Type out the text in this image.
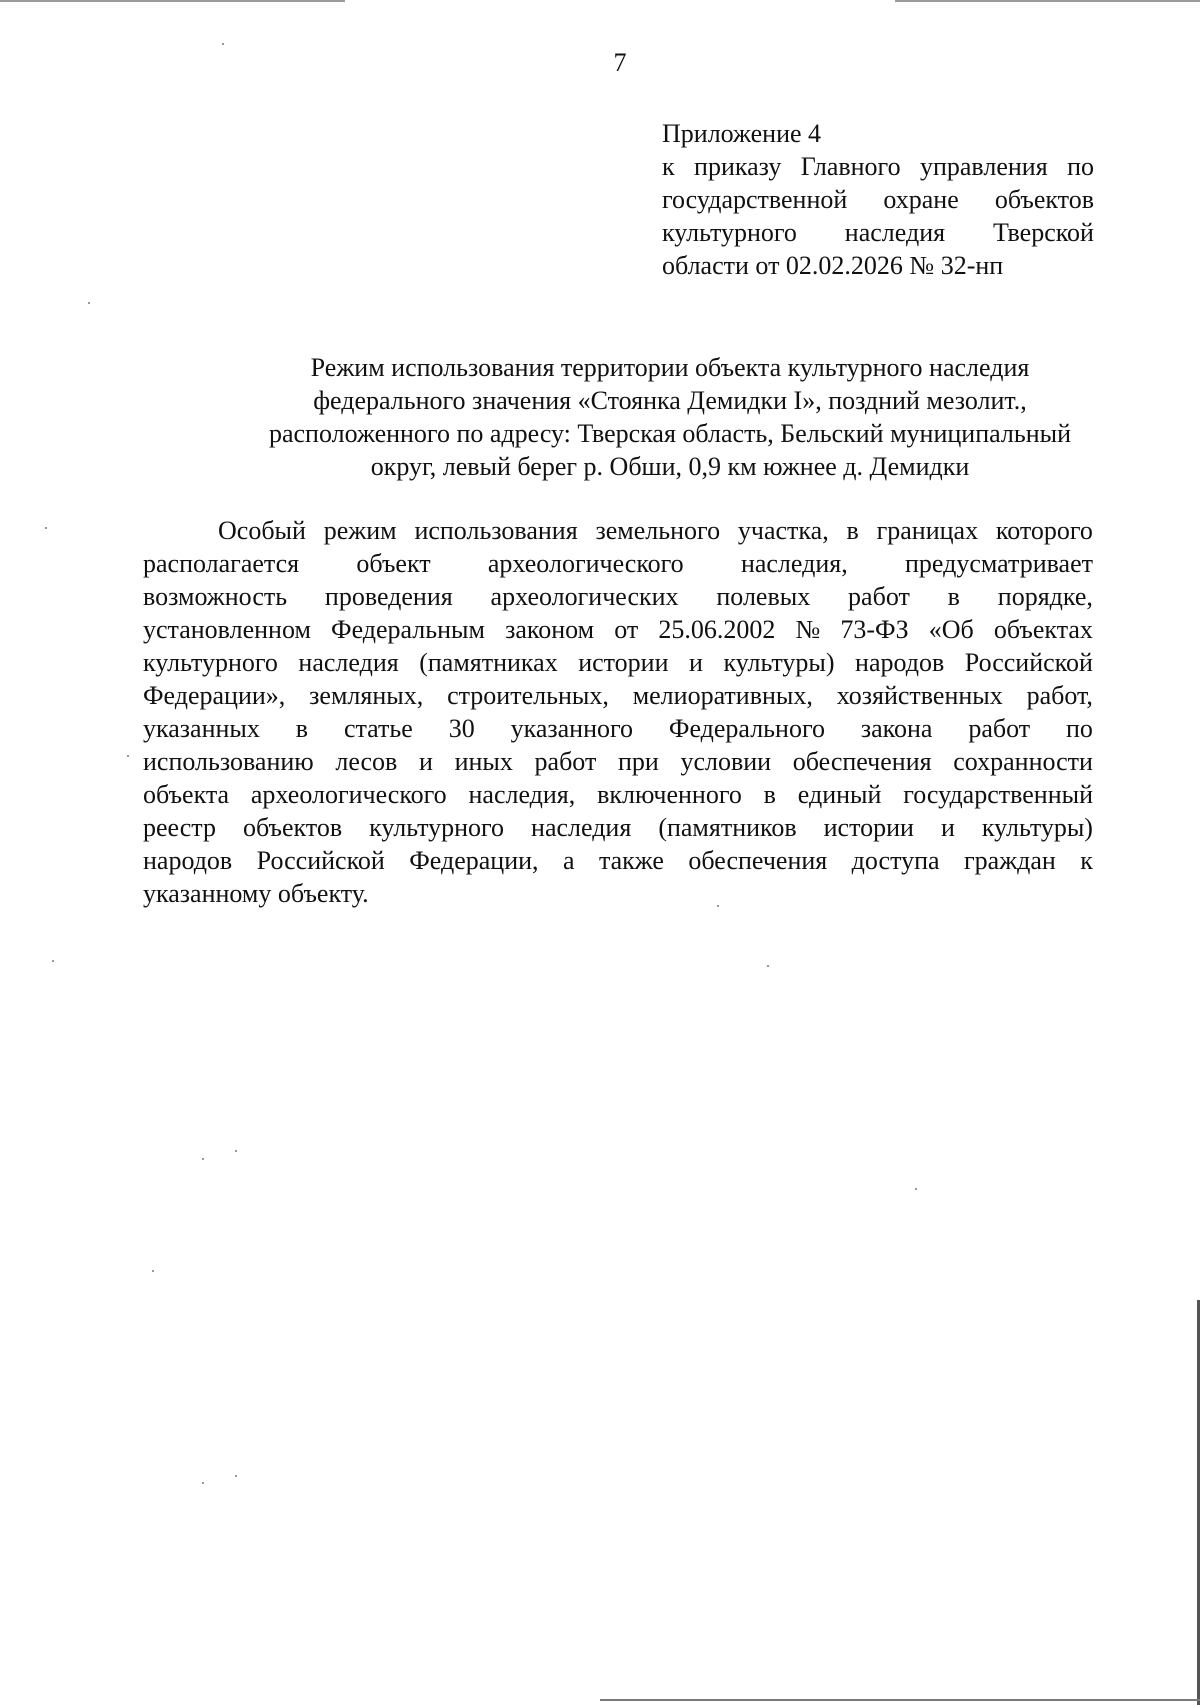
7
Приложение 4
к приказу Главного управления по
государственной охране объектов
культурного наследия Тверской
области от 02.02.2026 № 32-нп
Режим использования территории объекта культурного наследия
федерального значения «Стоянка Демидки I», поздний мезолит.,
расположенного по адресу: Тверская область, Бельский муниципальный
округ, левый берег р. Обши, 0,9 км южнее д. Демидки
Особый режим использования земельного участка, в границах которого
располагается объект археологического наследия, предусматривает
возможность проведения археологических полевых работ в порядке,
установленном Федеральным законом от 25.06.2002 № 73-ФЗ «Об объектах
культурного наследия (памятниках истории и культуры) народов Российской
Федерации», земляных, строительных, мелиоративных, хозяйственных работ,
указанных в статье 30 указанного Федерального закона работ по
использованию лесов и иных работ при условии обеспечения сохранности
объекта археологического наследия, включенного в единый государственный
реестр объектов культурного наследия (памятников истории и культуры)
народов Российской Федерации, а также обеспечения доступа граждан к
указанному объекту.
